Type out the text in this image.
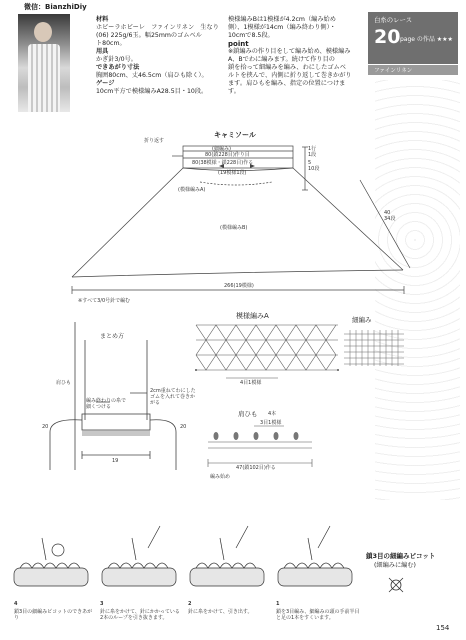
微信：BianzhiDiy
材料
ホビーラホビーレ　ファインリネン　生なり
(06) 225g/6玉。幅25mmのゴムベル
ト80cm。
用具
かぎ針3/0号。
できあがり寸法
胸囲80cm、丈46.5cm（肩ひも除く）。
ゲージ
10cm平方で模様編みA28.5目・10段。
模様編みBは1模様が4.2cm（編み始め
側）、1模様が14cm（編み終わり側）・
10cmで8.5段。
point
※鎖編みの作り目をして編み始め、模様編み
A、Bでわに編みます。続けて作り目の
鎖を拾って細編みを編み、わにしたゴムベ
ルトを挟んで、内側に折り返して巻きかがり
ます。肩ひもを編み、指定の位置につけま
す。
白糸のレース
20 page の作品 ★★★
ファインリネン
キャミソール
折り返す
(細編み)
80(鎖228目)作り目
80(38模様・鎖228目)作る
(19模様1段)
(模様編みA)
(模様編みB)
1行
1段
5
10段
40
34段
266(19模様)
※すべて3/0号針で編む
まとめ方
肩ひも
編み終わりの糸で細くつける
2cm重ねてわにしたゴムを入れて巻きかがる
20	20
19
模様編みA
4目1模様
細編み
肩ひも 4本
3目1模様
47(鎖102目)作る
編み始め
鎖3目の細編みピコット
(細編みに編む)
4
鎖3目の細編みピコットのできあがり
3
針に糸をかけて、針にかかっている2本のループを引き抜きます。
2
針に糸をかけて、引き出す。
1
鎖を3目編み、細編みの頭の手前半目と足の1本をすくいます。
154
